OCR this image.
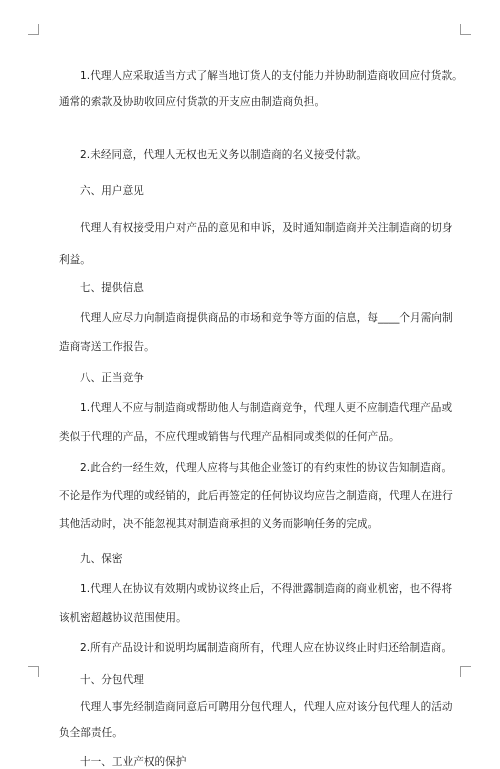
1.代理人应采取适当方式了解当地订货人的支付能力并协助制造商收回应付货款。
通常的索款及协助收回应付货款的开支应由制造商负担。
2.未经同意，代理人无权也无义务以制造商的名义接受付款。
六、用户意见
代理人有权接受用户对产品的意见和申诉，及时通知制造商并关注制造商的切身
利益。
七、提供信息
代理人应尽力向制造商提供商品的市场和竞争等方面的信息，每____个月需向制
造商寄送工作报告。
八、正当竞争
1.代理人不应与制造商或帮助他人与制造商竞争，代理人更不应制造代理产品或
类似于代理的产品，不应代理或销售与代理产品相同或类似的任何产品。
2.此合约一经生效，代理人应将与其他企业签订的有约束性的协议告知制造商。
不论是作为代理的或经销的，此后再签定的任何协议均应告之制造商，代理人在进行
其他活动时，决不能忽视其对制造商承担的义务而影响任务的完成。
九、保密
1.代理人在协议有效期内或协议终止后，不得泄露制造商的商业机密，也不得将
该机密超越协议范围使用。
2.所有产品设计和说明均属制造商所有，代理人应在协议终止时归还给制造商。
十、分包代理
代理人事先经制造商同意后可聘用分包代理人，代理人应对该分包代理人的活动
负全部责任。
十一、工业产权的保护
